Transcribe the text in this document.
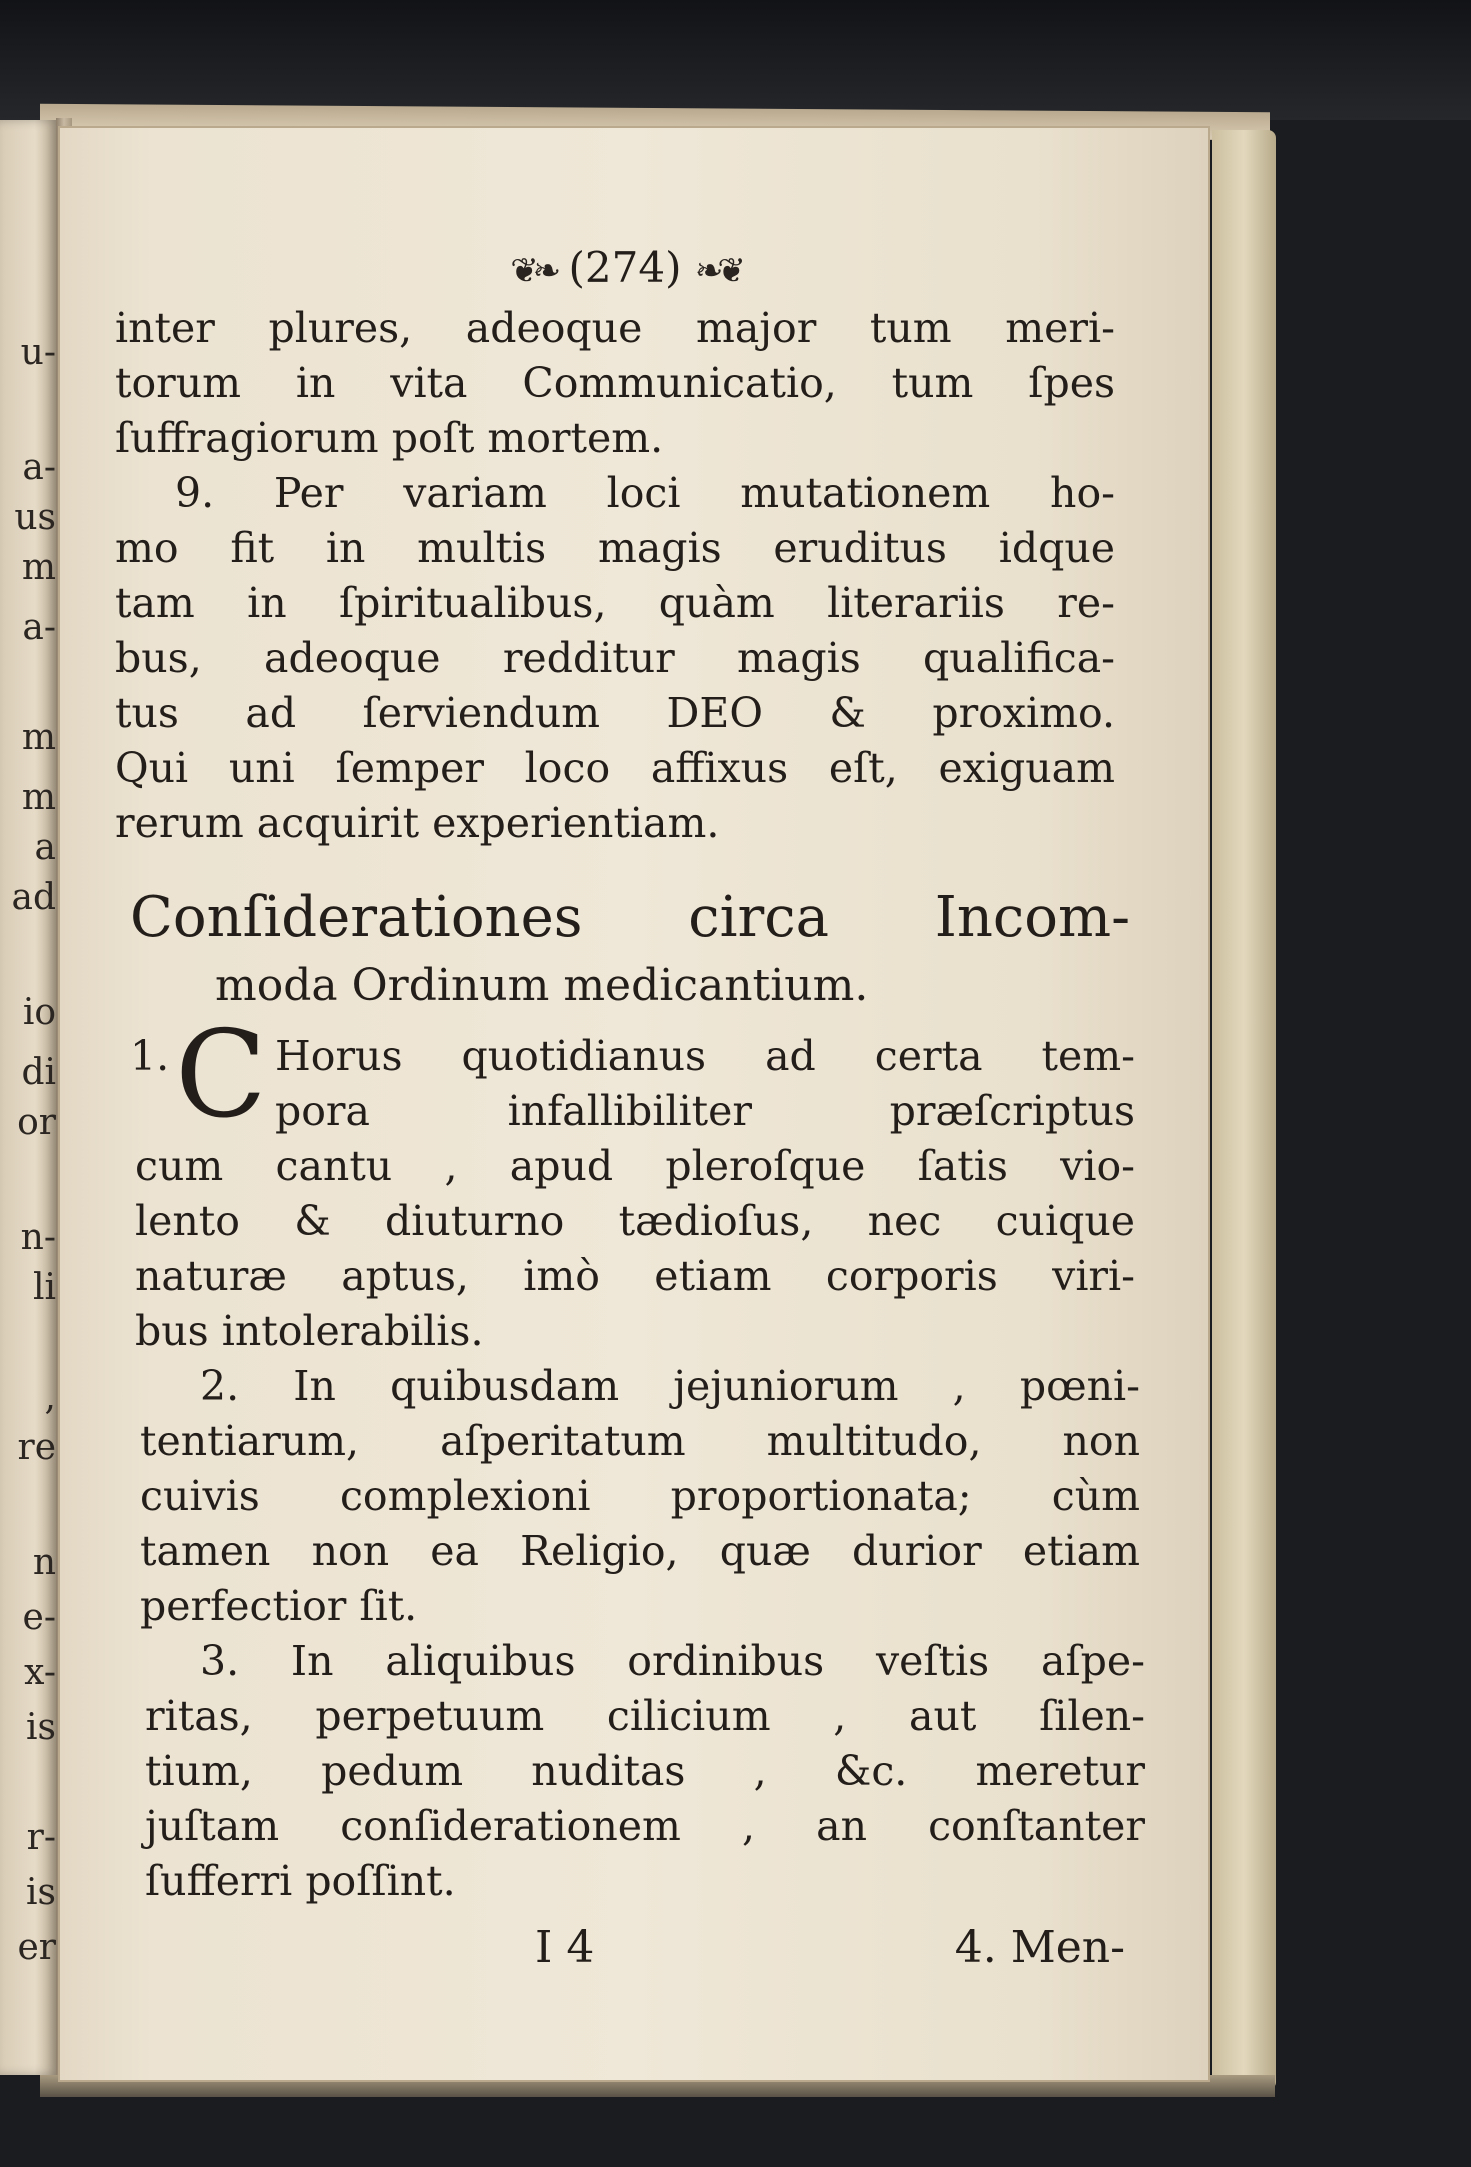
u-
a-
us
m
a-
m
m
a
ad
io
di
or
n-
li
,
re
n
e-
x-
is
r-
is
er
❦❧ (274) ❧❦
inter plures, adeoque major tum meri-
torum in vita Communicatio, tum ſpes
ſuffragiorum poſt mortem.
9. Per variam loci mutationem ho-
mo fit in multis magis eruditus idque
tam in ſpiritualibus, quàm literariis re-
bus, adeoque redditur magis qualifica-
tus ad ſerviendum DEO & proximo.
Qui uni ſemper loco affixus eſt, exiguam
rerum acquirit experientiam.
Conſiderationes circa Incom-
moda Ordinum medicantium.
1. C Horus quotidianus ad certa tem-
pora infallibiliter præſcriptus
cum cantu , apud pleroſque ſatis vio-
lento & diuturno tædioſus, nec cuique
naturæ aptus, imò etiam corporis viri-
bus intolerabilis.
2. In quibusdam jejuniorum , pœni-
tentiarum, aſperitatum multitudo, non
cuivis complexioni proportionata; cùm
tamen non ea Religio, quæ durior etiam
perfectior ſit.
3. In aliquibus ordinibus veſtis aſpe-
ritas, perpetuum cilicium , aut ſilen-
tium, pedum nuditas , &c. meretur
juſtam conſiderationem , an conſtanter
ſufferri poſſint.
I 4	4. Men-
